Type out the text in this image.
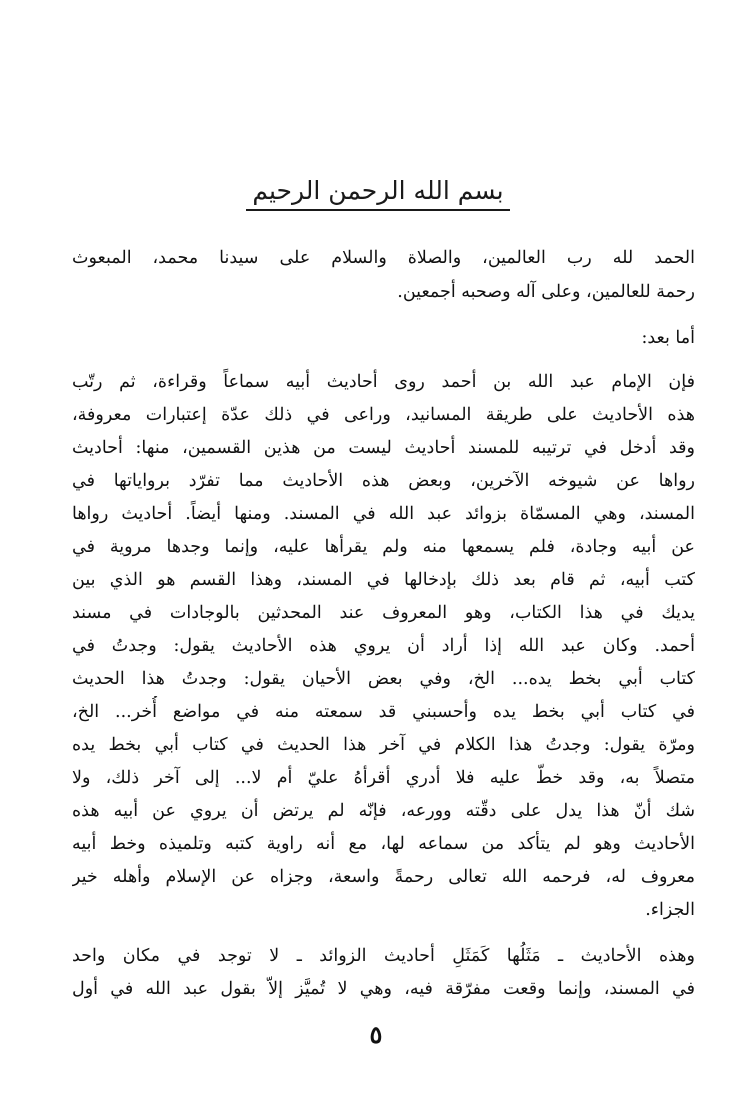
بسم الله الرحمن الرحيم
الحمد لله رب العالمين، والصلاة والسلام على سيدنا محمد، المبعوث
رحمة للعالمين، وعلى آله وصحبه أجمعين.
أما بعد:
فإن الإمام عبد الله بن أحمد روى أحاديث أبيه سماعاً وقراءة، ثم رتّب
هذه الأحاديث على طريقة المسانيد، وراعى في ذلك عدّة إعتبارات معروفة،
وقد أدخل في ترتيبه للمسند أحاديث ليست من هذين القسمين، منها: أحاديث
رواها عن شيوخه الآخرين، وبعض هذه الأحاديث مما تفرّد برواياتها في
المسند، وهي المسمّاة بزوائد عبد الله في المسند. ومنها أيضاً. أحاديث رواها
عن أبيه وجادة، فلم يسمعها منه ولم يقرأها عليه، وإنما وجدها مروية في
كتب أبيه، ثم قام بعد ذلك بإدخالها في المسند، وهذا القسم هو الذي بين
يديك في هذا الكتاب، وهو المعروف عند المحدثين بالوجادات في مسند
أحمد. وكان عبد الله إذا أراد أن يروي هذه الأحاديث يقول: وجدتُ في
كتاب أبي بخط يده... الخ، وفي بعض الأحيان يقول: وجدتُ هذا الحديث
في كتاب أبي بخط يده وأحسبني قد سمعته منه في مواضع أُخر... الخ،
ومرّة يقول: وجدتُ هذا الكلام في آخر هذا الحديث في كتاب أبي بخط يده
متصلاً به، وقد خطّ عليه فلا أدري أقرأهُ عليّ أم لا... إلى آخر ذلك، ولا
شك أنّ هذا يدل على دقّته وورعه، فإنّه لم يرتض أن يروي عن أبيه هذه
الأحاديث وهو لم يتأكد من سماعه لها، مع أنه راوية كتبه وتلميذه وخط أبيه
معروف له، فرحمه الله تعالى رحمةً واسعة، وجزاه عن الإسلام وأهله خير
الجزاء.
وهذه الأحاديث ـ مَثَلُها كَمَثَلِ أحاديث الزوائد ـ لا توجد في مكان واحد
في المسند، وإنما وقعت مفرّقة فيه، وهي لا تُميَّز إلاّ بقول عبد الله في أول
٥
